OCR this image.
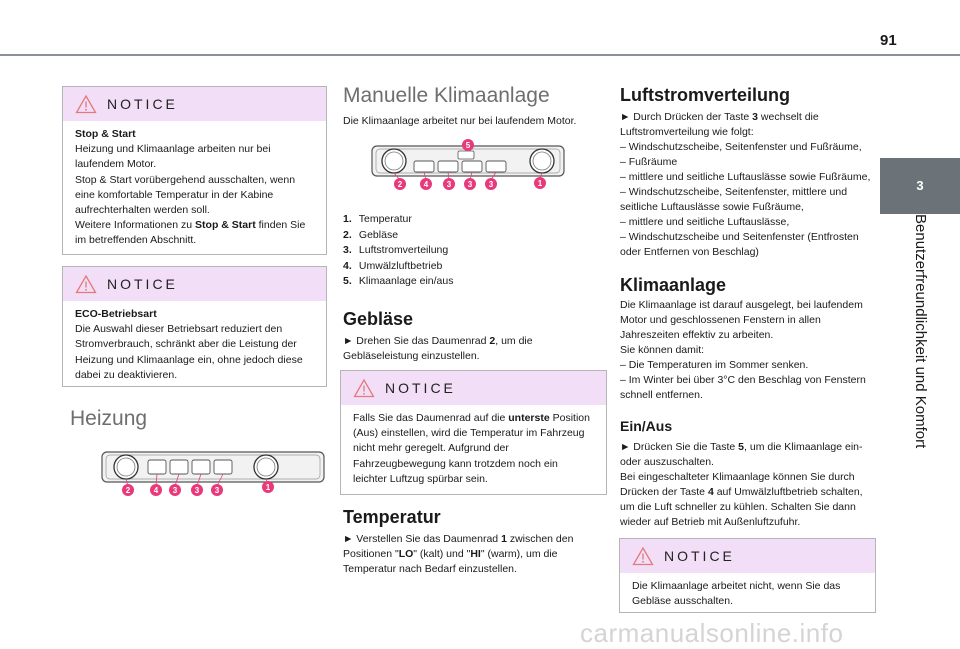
91
3
Benutzerfreundlichkeit und Komfort
NOTICE
Stop & Start
Heizung und Klimaanlage arbeiten nur bei laufendem Motor.
Stop & Start vorübergehend ausschalten, wenn eine komfortable Temperatur in der Kabine aufrechterhalten werden soll.
Weitere Informationen zu Stop & Start finden Sie im betreffenden Abschnitt.
NOTICE
ECO-Betriebsart
Die Auswahl dieser Betriebsart reduziert den Stromverbrauch, schränkt aber die Leistung der Heizung und Klimaanlage ein, ohne jedoch diese dabei zu deaktivieren.
Heizung
2	4 3 3 3	1
Manuelle Klimaanlage
Die Klimaanlage arbeitet nur bei laufendem Motor.
2	4 3 3 3	1
5
1. Temperatur
2. Gebläse
3. Luftstromverteilung
4. Umwälzluftbetrieb
5. Klimaanlage ein/aus
Gebläse
► Drehen Sie das Daumenrad 2, um die Gebläseleistung einzustellen.
NOTICE
Falls Sie das Daumenrad auf die unterste Position (Aus) einstellen, wird die Temperatur im Fahrzeug nicht mehr geregelt. Aufgrund der Fahrzeugbewegung kann trotzdem noch ein leichter Luftzug spürbar sein.
Temperatur
► Verstellen Sie das Daumenrad 1 zwischen den Positionen "LO" (kalt) und "HI" (warm), um die Temperatur nach Bedarf einzustellen.
Luftstromverteilung

► Durch Drücken der Taste 3 wechselt die Luftstromverteilung wie folgt:

– Windschutzscheibe, Seitenfenster und Fußräume,

– Fußräume

– mittlere und seitliche Luftauslässe sowie Fußräume,

– Windschutzscheibe, Seitenfenster, mittlere und seitliche Luftauslässe sowie Fußräume,

– mittlere und seitliche Luftauslässe,

– Windschutzscheibe und Seitenfenster (Entfrosten oder Entfernen von Beschlag)

Klimaanlage

Die Klimaanlage ist darauf ausgelegt, bei laufendem Motor und geschlossenen Fenstern in allen Jahreszeiten effektiv zu arbeiten.

Sie können damit:

– Die Temperaturen im Sommer senken.

– Im Winter bei über 3°C den Beschlag von Fenstern schnell entfernen.

Ein/Aus

► Drücken Sie die Taste 5, um die Klimaanlage ein- oder auszuschalten.

Bei eingeschalteter Klimaanlage können Sie durch Drücken der Taste 4 auf Umwälzluftbetrieb schalten, um die Luft schneller zu kühlen. Schalten Sie dann wieder auf Betrieb mit Außenluftzufuhr.

NOTICE
Die Klimaanlage arbeitet nicht, wenn Sie das Gebläse ausschalten.
carmanualsonline.info
